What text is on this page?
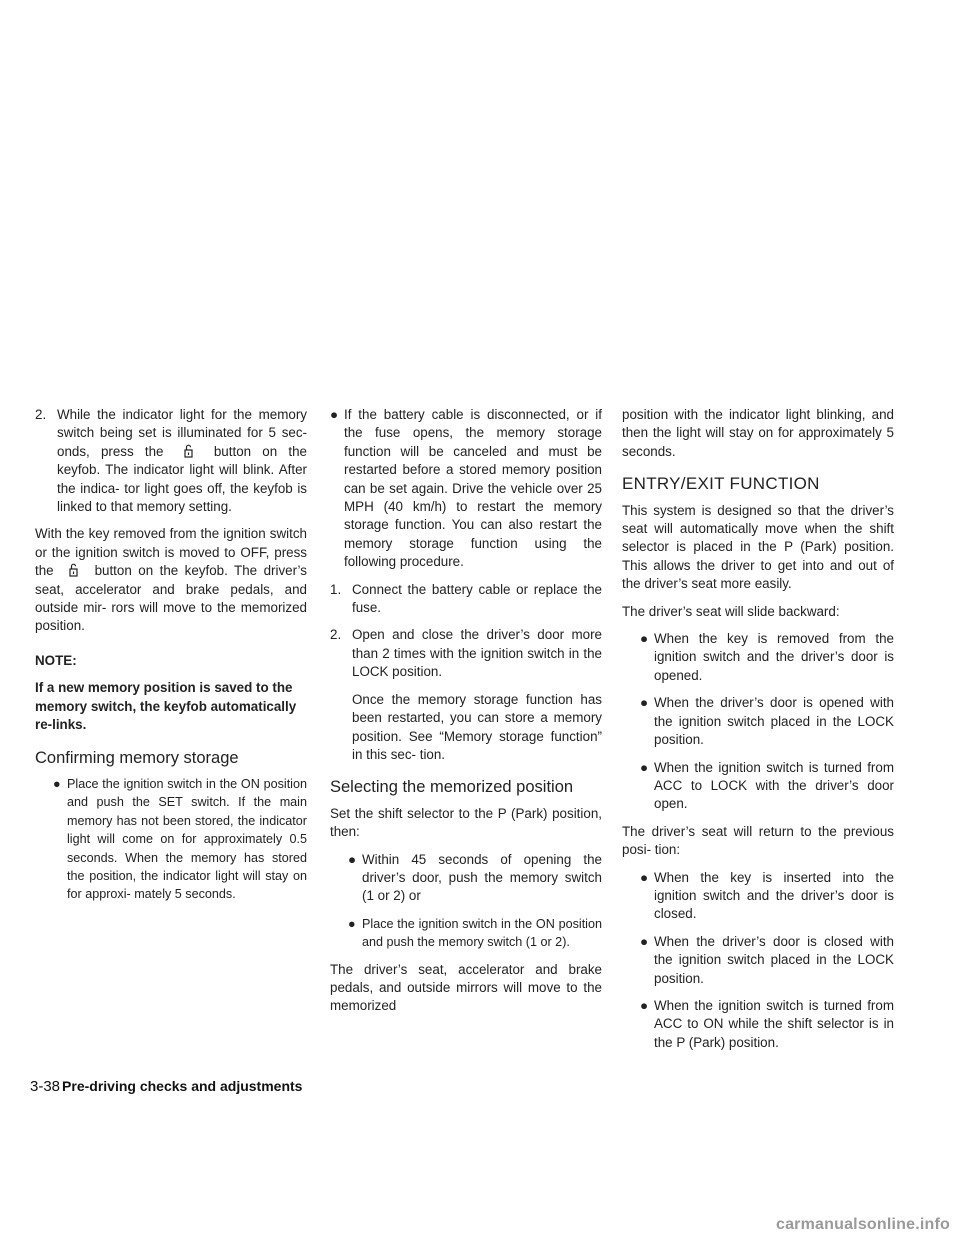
2. While the indicator light for the memory switch being set is illuminated for 5 sec- onds, press the	button on the keyfob. The indicator light will blink. After the indica- tor light goes off, the keyfob is linked to that memory setting.

With the key removed from the ignition switch or the ignition switch is moved to OFF, press the	button on the keyfob. The driver’s seat, accelerator and brake pedals, and outside mir- rors will move to the memorized position.

NOTE:

If a new memory position is saved to the memory switch, the keyfob automatically re-links.

Confirming memory storage
● Place the ignition switch in the ON position and push the SET switch. If the main memory has not been stored, the indicator light will come on for approximately 0.5 seconds. When the memory has stored the position, the indicator light will stay on for approxi- mately 5 seconds.
● If the battery cable is disconnected, or if the fuse opens, the memory storage function will be canceled and must be restarted before a stored memory position can be set again. Drive the vehicle over 25 MPH (40 km/h) to restart the memory storage function. You can also restart the memory storage function using the following procedure.
1. Connect the battery cable or replace the fuse.
2. Open and close the driver’s door more than 2 times with the ignition switch in the LOCK position.

Once the memory storage function has been restarted, you can store a memory position. See “Memory storage function” in this sec- tion.

Selecting the memorized position

Set the shift selector to the P (Park) position, then:

● Within 45 seconds of opening the driver’s door, push the memory switch (1 or 2) or
● Place the ignition switch in the ON position and push the memory switch (1 or 2).

The driver’s seat, accelerator and brake pedals, and outside mirrors will move to the memorized

position with the indicator light blinking, and then the light will stay on for approximately 5 seconds.

ENTRY/EXIT FUNCTION

This system is designed so that the driver’s seat will automatically move when the shift selector is placed in the P (Park) position. This allows the driver to get into and out of the driver’s seat more easily.

The driver’s seat will slide backward:

● When the key is removed from the ignition switch and the driver’s door is opened.
● When the driver’s door is opened with the ignition switch placed in the LOCK position.
● When the ignition switch is turned from ACC to LOCK with the driver’s door open.

The driver’s seat will return to the previous posi- tion:

● When the key is inserted into the ignition switch and the driver’s door is closed.
● When the driver’s door is closed with the ignition switch placed in the LOCK position.
● When the ignition switch is turned from ACC to ON while the shift selector is in the P (Park) position.
3-38 Pre-driving checks and adjustments
carmanualsonline.info
